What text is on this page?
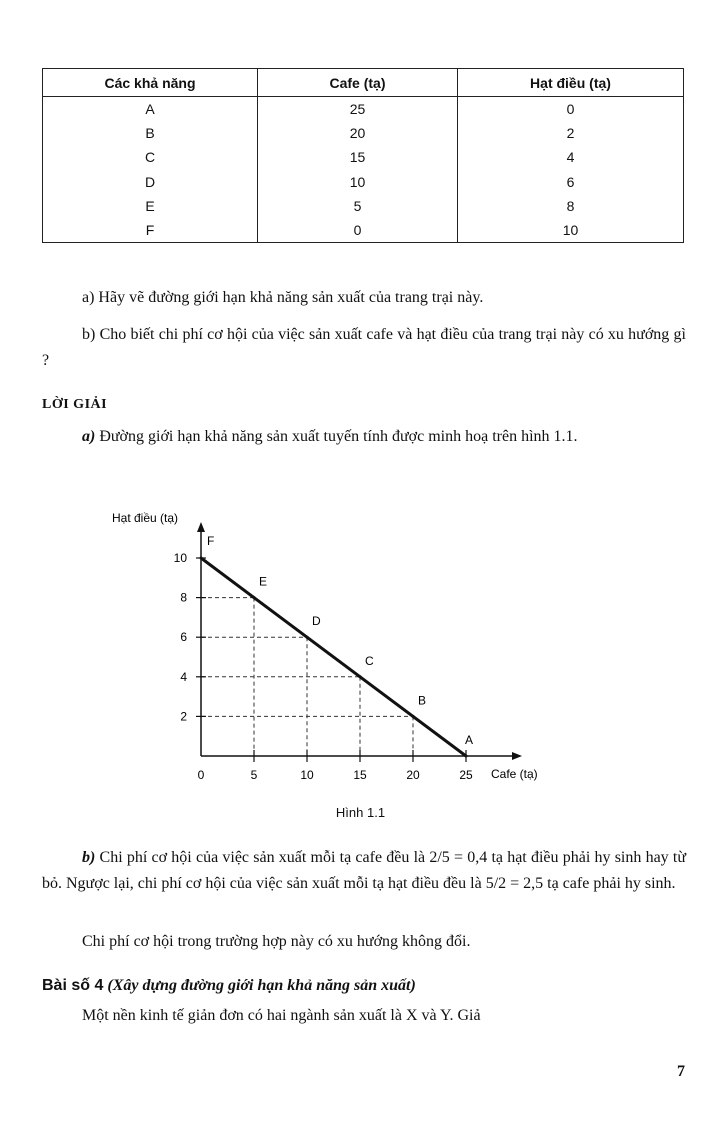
Các khả năng	Cafe (tạ)	Hạt điều (tạ)
A	25	0
B	20	2
C	15	4
D	10	6
E	5	8
F	0	10
a) Hãy vẽ đường giới hạn khả năng sản xuất của trang trại này.
b) Cho biết chi phí cơ hội của việc sản xuất cafe và hạt điều của trang trại này có xu hướng gì ?
LỜI GIẢI
a) Đường giới hạn khả năng sản xuất tuyến tính được minh hoạ trên hình 1.1.
0	5	10	15	20	25
2
4
6
8
10
F
E
D
C
B
A
Hạt điều (tạ)
Cafe (tạ)
Hình 1.1
b) Chi phí cơ hội của việc sản xuất mỗi tạ cafe đều là 2/5 = 0,4 tạ hạt điều phải hy sinh hay từ bỏ. Ngược lại, chi phí cơ hội của việc sản xuất mỗi tạ hạt điều đều là 5/2 = 2,5 tạ cafe phải hy sinh.
Chi phí cơ hội trong trường hợp này có xu hướng không đổi.
Bài số 4 (Xây dựng đường giới hạn khả năng sản xuất)
Một nền kinh tế giản đơn có hai ngành sản xuất là X và Y. Giả
7
